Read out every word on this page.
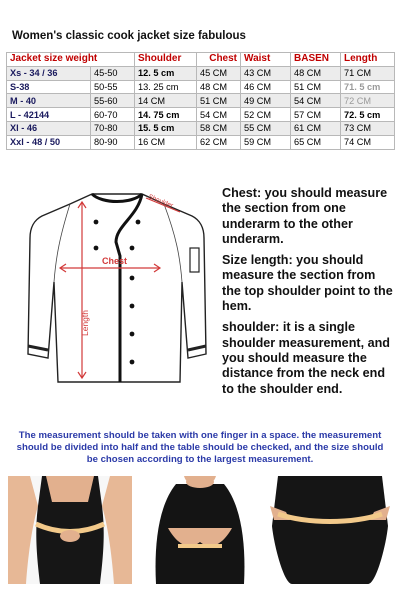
Women's classic cook jacket size fabulous
Jacket size weight		Shoulder	Chest	Waist	BASEN	Length
Xs - 34 / 36	45-50	12. 5 cm	45 CM	43 CM	48 CM	71 CM
S-38	50-55	13. 25 cm	48 CM	46 CM	51 CM	71. 5 cm
M - 40	55-60	14 CM	51 CM	49 CM	54 CM	72 CM
L - 42144	60-70	14. 75 cm	54 CM	52 CM	57 CM	72. 5 cm
Xl - 46	70-80	15. 5 cm	58 CM	55 CM	61 CM	73 CM
Xxl - 48 / 50	80-90	16 CM	62 CM	59 CM	65 CM	74 CM
Chest
Length
Shoulder

Chest: you should measure the section from one underarm to the other underarm.

Size length: you should measure the section from the top shoulder point to the hem.

shoulder: it is a single shoulder measurement, and you should measure the distance from the neck end to the shoulder end.

The measurement should be taken with one finger in a space. the measurement should be divided into half and the table should be checked, and the size should be chosen according to the largest measurement.
